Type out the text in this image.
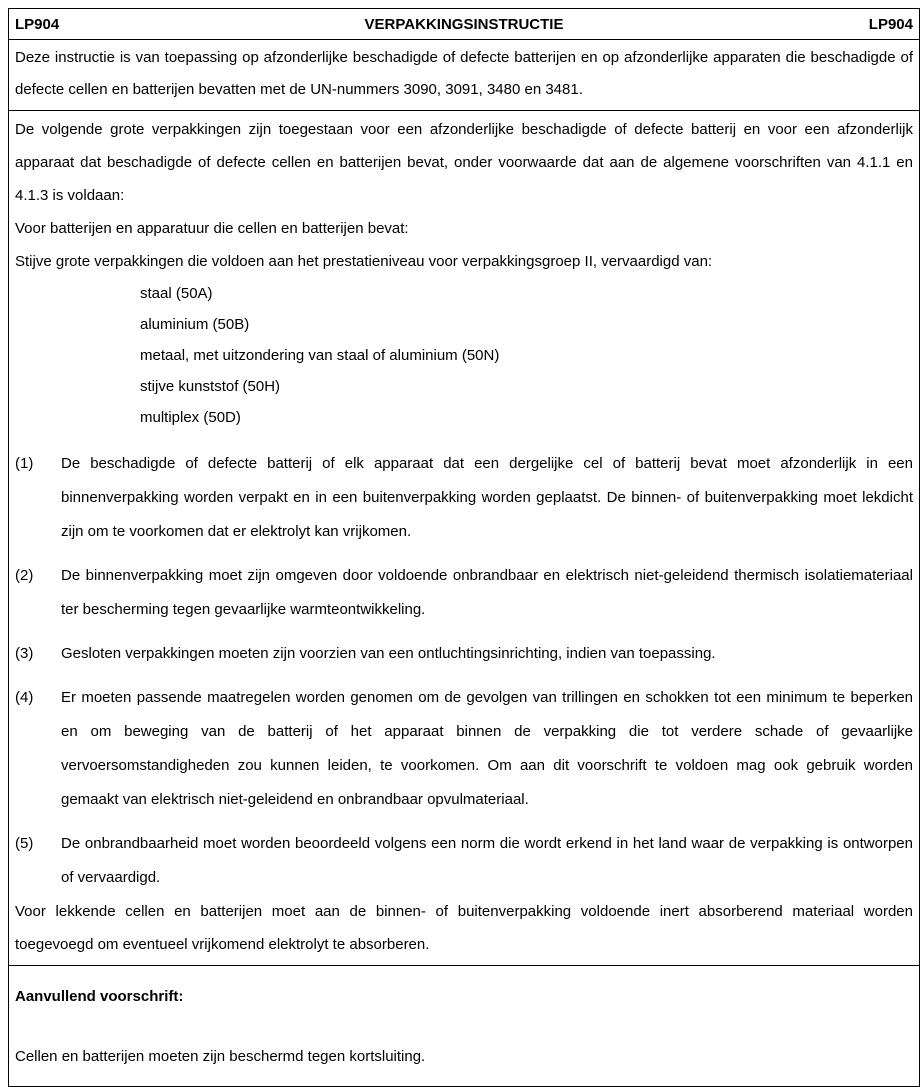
LP904	VERPAKKINGSINSTRUCTIE	LP904

Deze instructie is van toepassing op afzonderlijke beschadigde of defecte batterijen en op afzonderlijke apparaten die beschadigde of defecte cellen en batterijen bevatten met de UN-nummers 3090, 3091, 3480 en 3481.

De volgende grote verpakkingen zijn toegestaan voor een afzonderlijke beschadigde of defecte batterij en voor een afzonderlijk apparaat dat beschadigde of defecte cellen en batterijen bevat, onder voorwaarde dat aan de algemene voorschriften van 4.1.1 en 4.1.3 is voldaan:

Voor batterijen en apparatuur die cellen en batterijen bevat:

Stijve grote verpakkingen die voldoen aan het prestatieniveau voor verpakkingsgroep II, vervaardigd van:

staal (50A)
aluminium (50B)
metaal, met uitzondering van staal of aluminium (50N)
stijve kunststof (50H)
multiplex (50D)
(1)	De beschadigde of defecte batterij of elk apparaat dat een dergelijke cel of batterij bevat moet afzonderlijk in een binnenverpakking worden verpakt en in een buitenverpakking worden geplaatst. De binnen- of buitenverpakking moet lekdicht zijn om te voorkomen dat er elektrolyt kan vrijkomen.
(2)	De binnenverpakking moet zijn omgeven door voldoende onbrandbaar en elektrisch niet-geleidend thermisch isolatiemateriaal ter bescherming tegen gevaarlijke warmteontwikkeling.
(3)	Gesloten verpakkingen moeten zijn voorzien van een ontluchtingsinrichting, indien van toepassing.
(4)	Er moeten passende maatregelen worden genomen om de gevolgen van trillingen en schokken tot een minimum te beperken en om beweging van de batterij of het apparaat binnen de verpakking die tot verdere schade of gevaarlijke vervoersomstandigheden zou kunnen leiden, te voorkomen. Om aan dit voorschrift te voldoen mag ook gebruik worden gemaakt van elektrisch niet-geleidend en onbrandbaar opvulmateriaal.
(5)	De onbrandbaarheid moet worden beoordeeld volgens een norm die wordt erkend in het land waar de verpakking is ontworpen of vervaardigd.

Voor lekkende cellen en batterijen moet aan de binnen- of buitenverpakking voldoende inert absorberend materiaal worden toegevoegd om eventueel vrijkomend elektrolyt te absorberen.

Aanvullend voorschrift:
Cellen en batterijen moeten zijn beschermd tegen kortsluiting.
